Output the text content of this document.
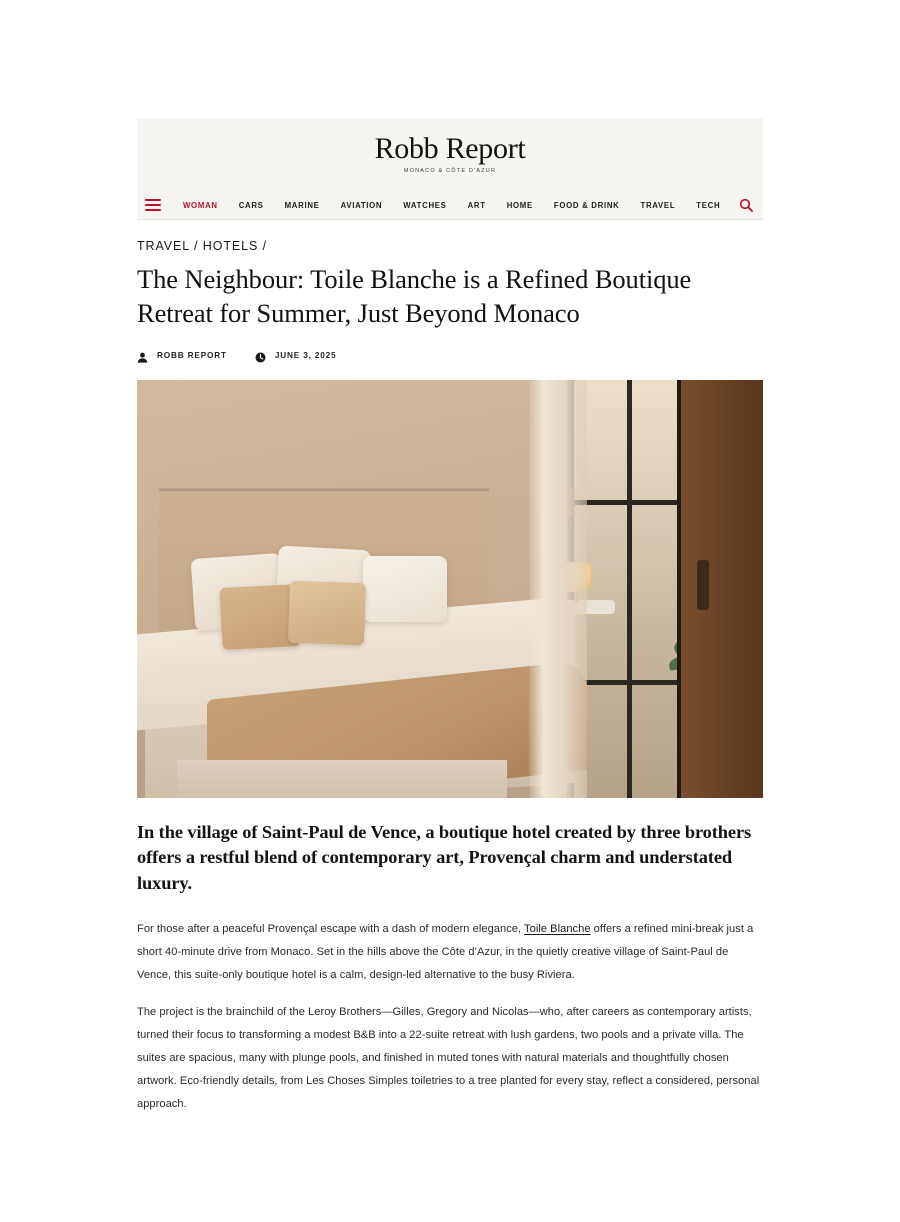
Robb Report
MONACO & CÔTE D'AZUR
WOMAN	CARS	MARINE	AVIATION	WATCHES	ART	HOME	FOOD & DRINK	TRAVEL	TECH
TRAVEL / HOTELS /
The Neighbour: Toile Blanche is a Refined Boutique Retreat for Summer, Just Beyond Monaco
ROBB REPORT	JUNE 3, 2025
In the village of Saint-Paul de Vence, a boutique hotel created by three brothers offers a restful blend of contemporary art, Provençal charm and understated luxury.

For those after a peaceful Provençal escape with a dash of modern elegance, Toile Blanche offers a refined mini-break just a short 40-minute drive from Monaco. Set in the hills above the Côte d’Azur, in the quietly creative village of Saint-Paul de Vence, this suite-only boutique hotel is a calm, design-led alternative to the busy Riviera.

The project is the brainchild of the Leroy Brothers—Gilles, Gregory and Nicolas—who, after careers as contemporary artists, turned their focus to transforming a modest B&B into a 22-suite retreat with lush gardens, two pools and a private villa. The suites are spacious, many with plunge pools, and finished in muted tones with natural materials and thoughtfully chosen artwork. Eco-friendly details, from Les Choses Simples toiletries to a tree planted for every stay, reflect a considered, personal approach.
